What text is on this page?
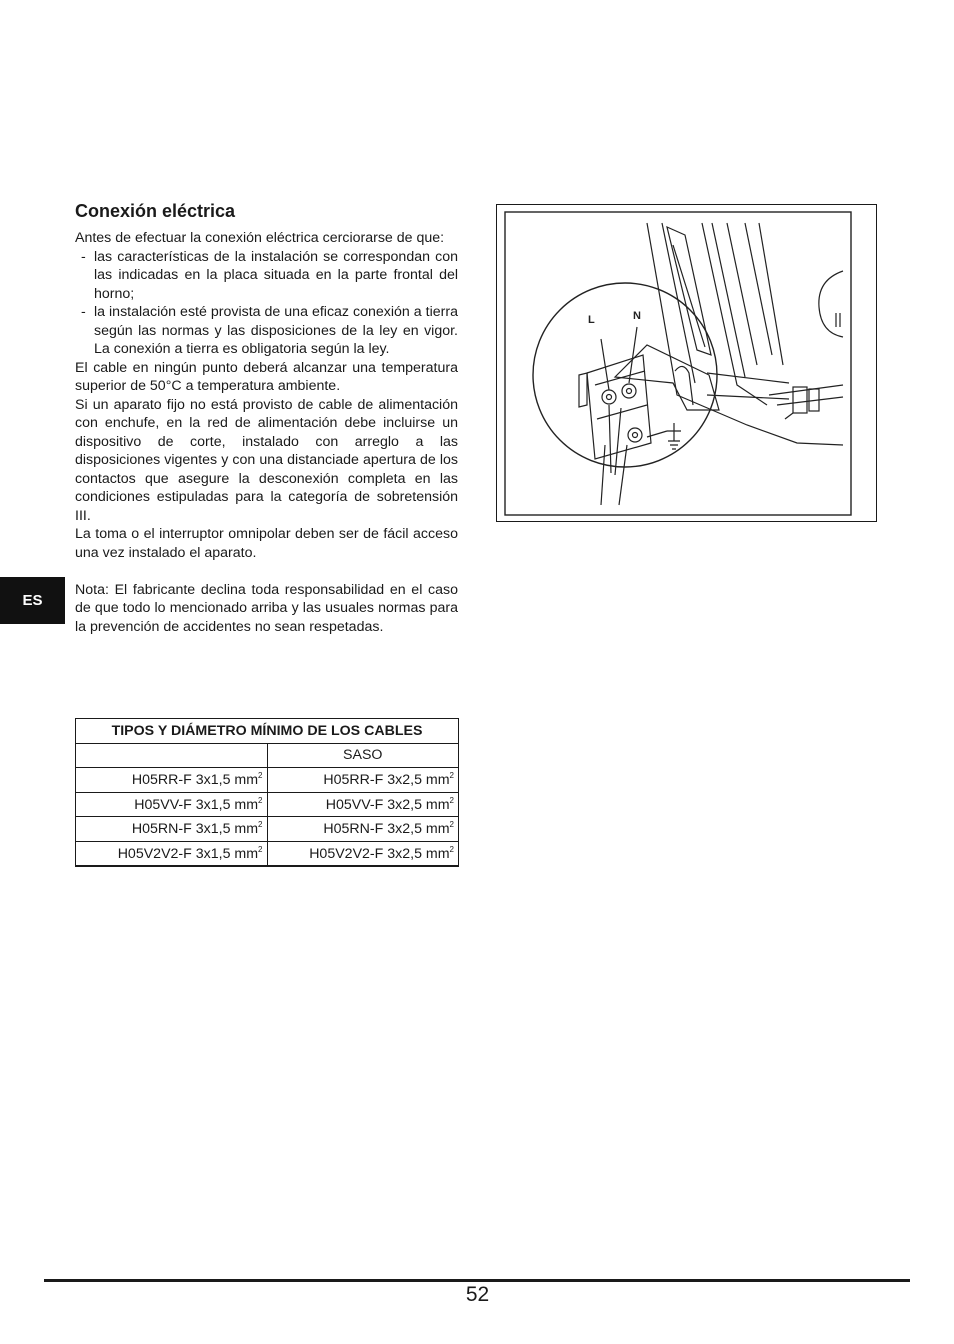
Conexión eléctrica

Antes de efectuar la conexión eléctrica cerciorarse de que:

- las características de la instalación se correspondan con las indicadas en la placa situada en la parte frontal del horno;
- la instalación esté provista de una eficaz conexión a tierra según las normas y las disposiciones de la ley en vigor. La conexión a tierra es obligatoria según la ley.

El cable en ningún punto deberá alcanzar una temperatura superior de 50°C a temperatura ambiente.

Si un aparato fijo no está provisto de cable de alimentación con enchufe, en la red de alimentación debe incluirse un dispositivo de corte, instalado con arreglo a las disposiciones vigentes y con una distanciade apertura de los contactos que asegure la desconexión completa en las condiciones estipuladas para la categoría de sobretensión III.

La toma o el interruptor omnipolar deben ser de fácil acceso una vez instalado el aparato.

Nota: El fabricante declina toda responsabilidad en el caso de que todo lo mencionado arriba y las usuales normas para la prevención de accidentes no sean respetadas.

TIPOS Y DIÁMETRO MÍNIMO DE LOS CABLES	
	SASO
H05RR-F 3x1,5 $mm^2$	H05RR-F 3x2,5 $mm^2$
H05VV-F 3x1,5 $mm^2$	H05VV-F 3x2,5 $mm^2$
H05RN-F 3x1,5 $mm^2$	H05RN-F 3x2,5 $mm^2$
H05V2V2-F 3x1,5 $mm^2$	H05V2V2-F 3x2,5 $mm^2$
ES
L	N
52
